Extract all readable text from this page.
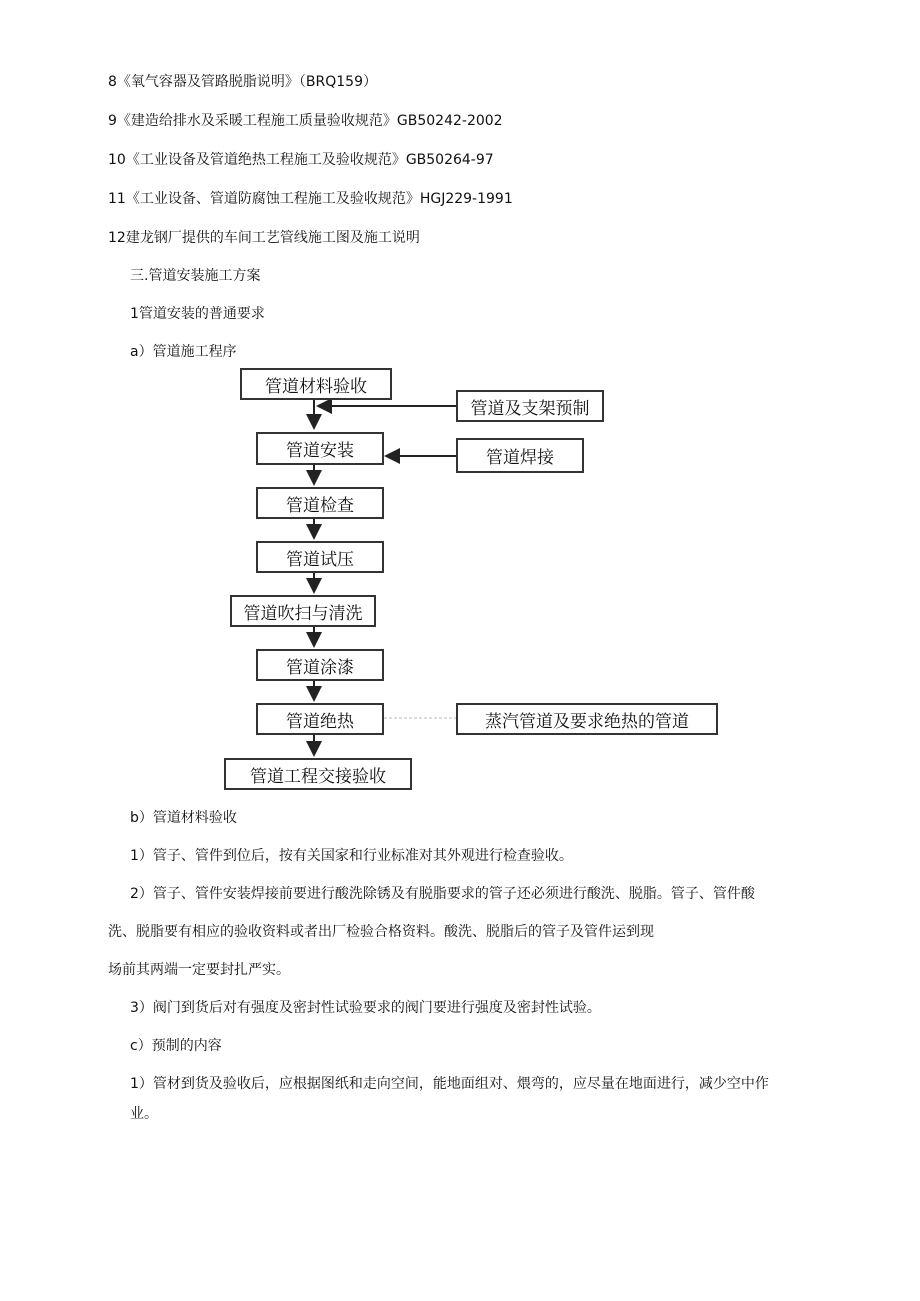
8《氧气容器及管路脱脂说明》（BRQ159）
9《建造给排水及采暖工程施工质量验收规范》GB50242-2002
10《工业设备及管道绝热工程施工及验收规范》GB50264-97
11《工业设备、管道防腐蚀工程施工及验收规范》HGJ229-1991
12建龙钢厂提供的车间工艺管线施工图及施工说明
三.管道安装施工方案
1管道安装的普通要求
a）管道施工程序
管道材料验收
管道及支架预制
管道安装	管道焊接
管道检查
管道试压
管道吹扫与清洗
管道涂漆
管道绝热	蒸汽管道及要求绝热的管道
管道工程交接验收
b）管道材料验收
1）管子、管件到位后，按有关国家和行业标准对其外观进行检查验收。
2）管子、管件安装焊接前要进行酸洗除锈及有脱脂要求的管子还必须进行酸洗、脱脂。管子、管件酸
洗、脱脂要有相应的验收资料或者出厂检验合格资料。酸洗、脱脂后的管子及管件运到现
场前其两端一定要封扎严实。
3）阀门到货后对有强度及密封性试验要求的阀门要进行强度及密封性试验。
c）预制的内容
1）管材到货及验收后，应根据图纸和走向空间，能地面组对、煨弯的，应尽量在地面进行，减少空中作
业。
